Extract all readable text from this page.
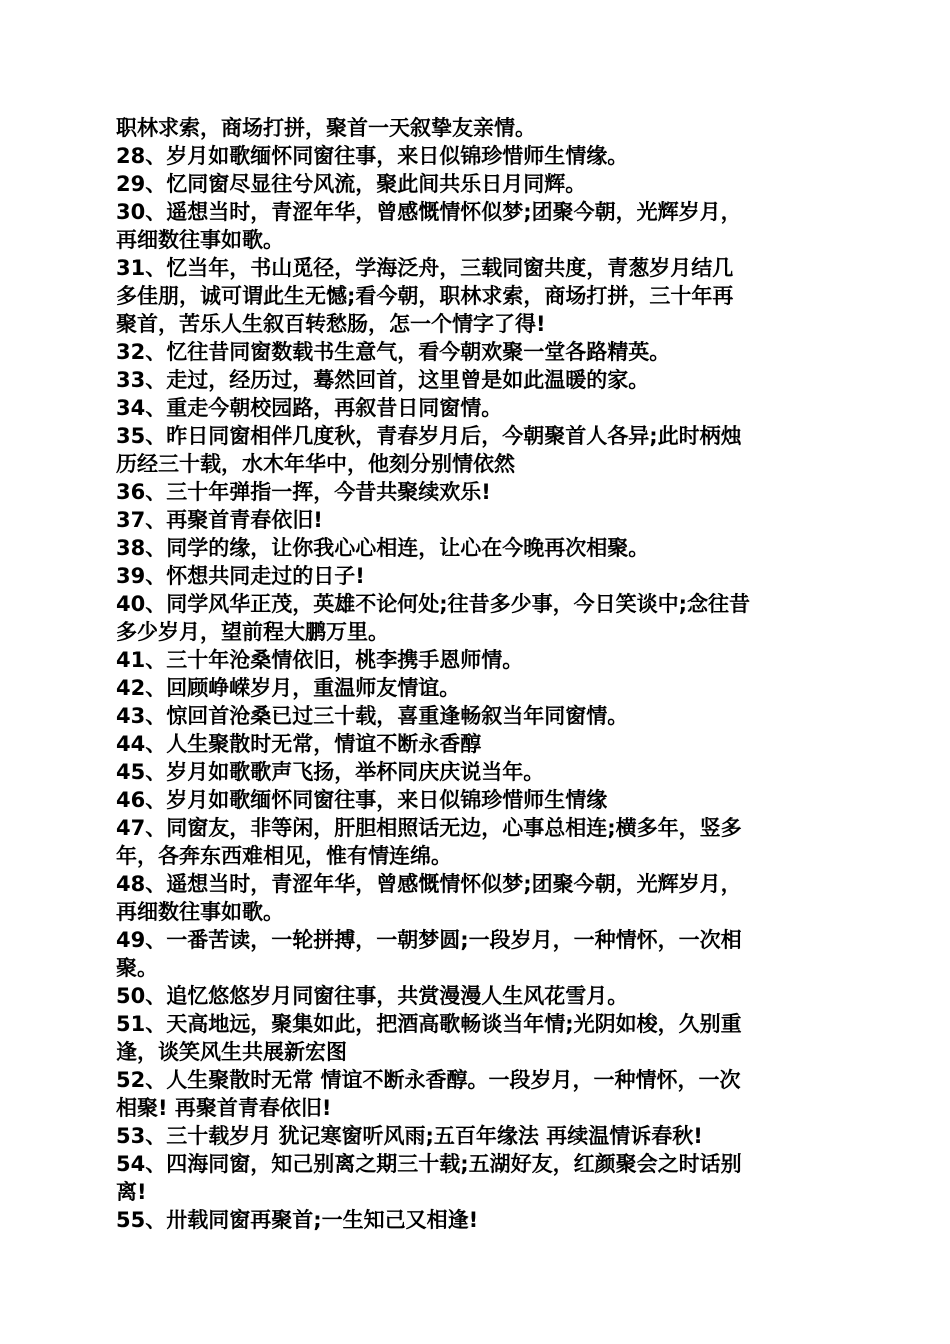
职林求索，商场打拼，聚首一天叙挚友亲情。

28、岁月如歌缅怀同窗往事，来日似锦珍惜师生情缘。

29、忆同窗尽显往兮风流，聚此间共乐日月同辉。

30、遥想当时，青涩年华，曾感慨情怀似梦;团聚今朝，光辉岁月，
再细数往事如歌。

31、忆当年，书山觅径，学海泛舟，三载同窗共度，青葱岁月结几
多佳朋，诚可谓此生无憾;看今朝，职林求索，商场打拼，三十年再
聚首，苦乐人生叙百转愁肠，怎一个情字了得!

32、忆往昔同窗数载书生意气，看今朝欢聚一堂各路精英。

33、走过，经历过，蓦然回首，这里曾是如此温暖的家。

34、重走今朝校园路，再叙昔日同窗情。

35、昨日同窗相伴几度秋，青春岁月后，今朝聚首人各异;此时柄烛
历经三十载，水木年华中，他刻分别情依然

36、三十年弹指一挥，今昔共聚续欢乐!

37、再聚首青春依旧!

38、同学的缘，让你我心心相连，让心在今晚再次相聚。

39、怀想共同走过的日子!

40、同学风华正茂，英雄不论何处;往昔多少事，今日笑谈中;念往昔
多少岁月，望前程大鹏万里。

41、三十年沧桑情依旧，桃李携手恩师情。

42、回顾峥嵘岁月，重温师友情谊。

43、惊回首沧桑已过三十载，喜重逢畅叙当年同窗情。

44、人生聚散时无常，情谊不断永香醇

45、岁月如歌歌声飞扬，举杯同庆庆说当年。

46、岁月如歌缅怀同窗往事，来日似锦珍惜师生情缘

47、同窗友，非等闲，肝胆相照话无边，心事总相连;横多年，竖多
年，各奔东西难相见，惟有情连绵。

48、遥想当时，青涩年华，曾感慨情怀似梦;团聚今朝，光辉岁月，
再细数往事如歌。

49、一番苦读，一轮拼搏，一朝梦圆;一段岁月，一种情怀，一次相
聚。

50、追忆悠悠岁月同窗往事，共赏漫漫人生风花雪月。

51、天高地远，聚集如此，把酒高歌畅谈当年情;光阴如梭，久别重
逢，谈笑风生共展新宏图

52、人生聚散时无常 情谊不断永香醇。一段岁月，一种情怀，一次
相聚! 再聚首青春依旧!

53、三十载岁月 犹记寒窗听风雨;五百年缘法 再续温情诉春秋!

54、四海同窗，知己别离之期三十载;五湖好友，红颜聚会之时话别
离!

55、卅载同窗再聚首;一生知己又相逢!
